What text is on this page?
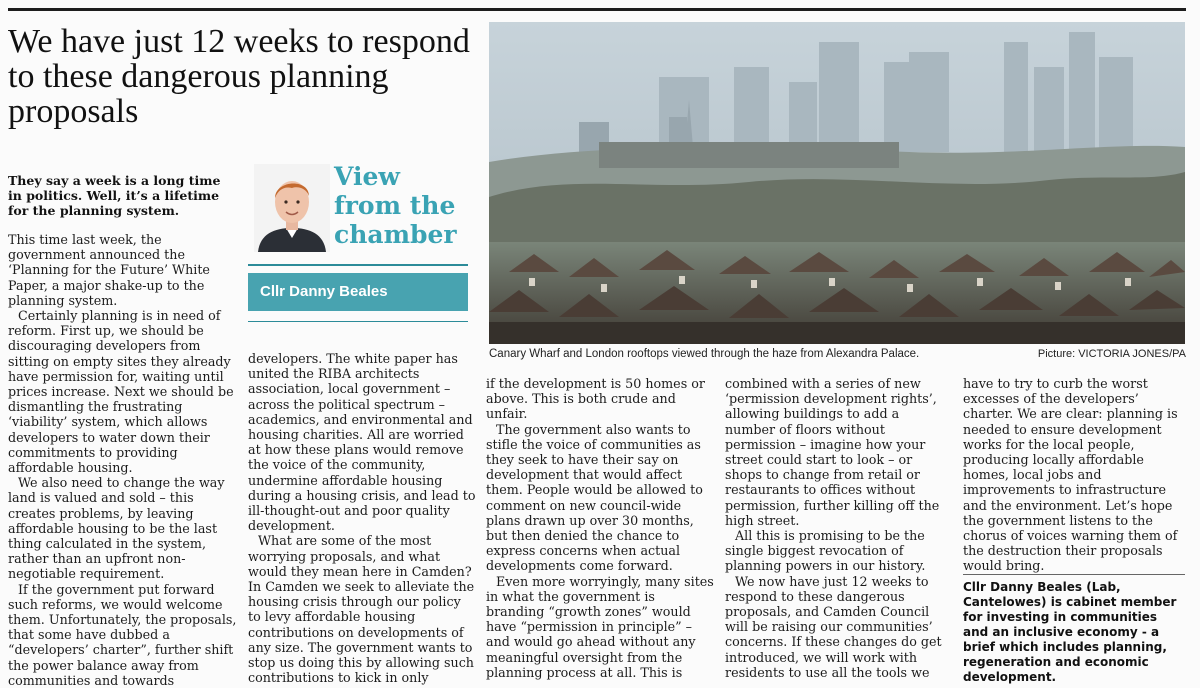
We have just 12 weeks to respond to these dangerous planning proposals
Canary Wharf and London rooftops viewed through the haze from Alexandra Palace.	Picture: VICTORIA JONES/PA
They say a week is a long time in politics. Well, it’s a lifetime for the planning system.
View
from the
chamber
Cllr Danny Beales

This time last week, the government announced the ‘Planning for the Future’ White Paper, a major shake-up to the planning system.

Certainly planning is in need of reform. First up, we should be discouraging developers from sitting on empty sites they already have permission for, waiting until prices increase. Next we should be dismantling the frustrating ‘viability’ system, which allows developers to water down their commitments to providing affordable housing.

We also need to change the way land is valued and sold – this creates problems, by leaving affordable housing to be the last thing calculated in the system, rather than an upfront non-negotiable requirement.

If the government put forward such reforms, we would welcome them. Unfortunately, the proposals, that some have dubbed a “developers’ charter”, further shift the power balance away from communities and towards

developers. The white paper has united the RIBA architects association, local government – across the political spectrum – academics, and environmental and housing charities. All are worried at how these plans would remove the voice of the community, undermine affordable housing during a housing crisis, and lead to ill-thought-out and poor quality development.

What are some of the most worrying proposals, and what would they mean here in Camden? In Camden we seek to alleviate the housing crisis through our policy to levy affordable housing contributions on developments of any size. The government wants to stop us doing this by allowing such contributions to kick in only

if the development is 50 homes or above. This is both crude and unfair.

The government also wants to stifle the voice of communities as they seek to have their say on development that would affect them. People would be allowed to comment on new council-wide plans drawn up over 30 months, but then denied the chance to express concerns when actual developments come forward.

Even more worryingly, many sites in what the government is branding “growth zones” would have “permission in principle” – and would go ahead without any meaningful oversight from the planning process at all. This is

combined with a series of new ‘permission development rights’, allowing buildings to add a number of floors without permission – imagine how your street could start to look – or shops to change from retail or restaurants to offices without permission, further killing off the high street.

All this is promising to be the single biggest revocation of planning powers in our history.

We now have just 12 weeks to respond to these dangerous proposals, and Camden Council will be raising our communities’ concerns. If these changes do get introduced, we will work with residents to use all the tools we

have to try to curb the worst excesses of the developers’ charter. We are clear: planning is needed to ensure development works for the local people, producing locally affordable homes, local jobs and improvements to infrastructure and the environment. Let’s hope the government listens to the chorus of voices warning them of the destruction their proposals would bring.

Cllr Danny Beales (Lab, Cantelowes) is cabinet member for investing in communities and an inclusive economy - a brief which includes planning, regeneration and economic development.
